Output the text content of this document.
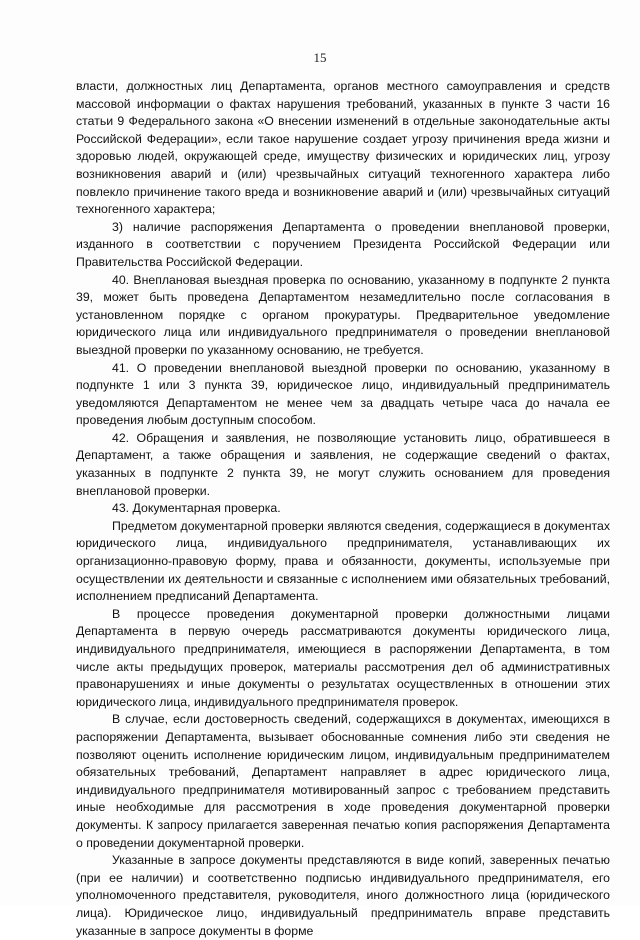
15

власти, должностных лиц Департамента, органов местного самоуправления и средств массовой информации о фактах нарушения требований, указанных в пункте 3 части 16 статьи 9 Федерального закона «О внесении изменений в отдельные законодательные акты Российской Федерации», если такое нарушение создает угрозу причинения вреда жизни и здоровью людей, окружающей среде, имуществу физических и юридических лиц, угрозу возникновения аварий и (или) чрезвычайных ситуаций техногенного характера либо повлекло причинение такого вреда и возникновение аварий и (или) чрезвычайных ситуаций техногенного характера;

3) наличие распоряжения Департамента о проведении внеплановой проверки, изданного в соответствии с поручением Президента Российской Федерации или Правительства Российской Федерации.

40. Внеплановая выездная проверка по основанию, указанному в подпункте 2 пункта 39, может быть проведена Департаментом незамедлительно после согласования в установленном порядке с органом прокуратуры. Предварительное уведомление юридического лица или индивидуального предпринимателя о проведении внеплановой выездной проверки по указанному основанию, не требуется.

41. О проведении внеплановой выездной проверки по основанию, указанному в подпункте 1 или 3 пункта 39, юридическое лицо, индивидуальный предприниматель уведомляются Департаментом не менее чем за двадцать четыре часа до начала ее проведения любым доступным способом.

42. Обращения и заявления, не позволяющие установить лицо, обратившееся в Департамент, а также обращения и заявления, не содержащие сведений о фактах, указанных в подпункте 2 пункта 39, не могут служить основанием для проведения внеплановой проверки.

43. Документарная проверка.

Предметом документарной проверки являются сведения, содержащиеся в документах юридического лица, индивидуального предпринимателя, устанавливающих их организационно-правовую форму, права и обязанности, документы, используемые при осуществлении их деятельности и связанные с исполнением ими обязательных требований, исполнением предписаний Департамента.

В процессе проведения документарной проверки должностными лицами Департамента в первую очередь рассматриваются документы юридического лица, индивидуального предпринимателя, имеющиеся в распоряжении Департамента, в том числе акты предыдущих проверок, материалы рассмотрения дел об административных правонарушениях и иные документы о результатах осуществленных в отношении этих юридического лица, индивидуального предпринимателя проверок.

В случае, если достоверность сведений, содержащихся в документах, имеющихся в распоряжении Департамента, вызывает обоснованные сомнения либо эти сведения не позволяют оценить исполнение юридическим лицом, индивидуальным предпринимателем обязательных требований, Департамент направляет в адрес юридического лица, индивидуального предпринимателя мотивированный запрос с требованием представить иные необходимые для рассмотрения в ходе проведения документарной проверки документы. К запросу прилагается заверенная печатью копия распоряжения Департамента о проведении документарной проверки.

Указанные в запросе документы представляются в виде копий, заверенных печатью (при ее наличии) и соответственно подписью индивидуального предпринимателя, его уполномоченного представителя, руководителя, иного должностного лица (юридического лица). Юридическое лицо, индивидуальный предприниматель вправе представить указанные в запросе документы в форме
